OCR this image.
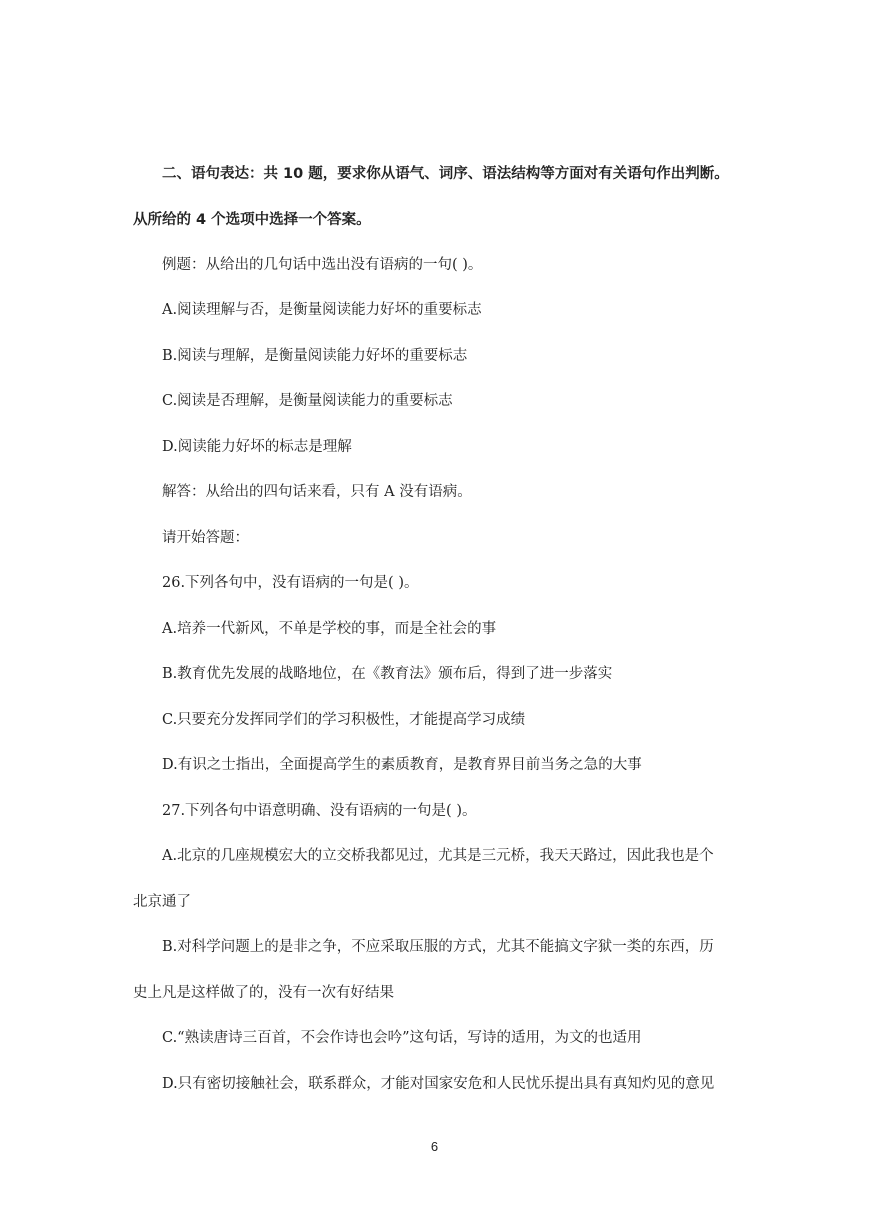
二、语句表达：共 10 题，要求你从语气、词序、语法结构等方面对有关语句作出判断。
从所给的 4 个选项中选择一个答案。
例题：从给出的几句话中选出没有语病的一句( )。
A.阅读理解与否，是衡量阅读能力好坏的重要标志
B.阅读与理解，是衡量阅读能力好坏的重要标志
C.阅读是否理解，是衡量阅读能力的重要标志
D.阅读能力好坏的标志是理解
解答：从给出的四句话来看，只有 A 没有语病。
请开始答题：
26.下列各句中，没有语病的一句是( )。
A.培养一代新风，不单是学校的事，而是全社会的事
B.教育优先发展的战略地位，在《教育法》颁布后，得到了进一步落实
C.只要充分发挥同学们的学习积极性，才能提高学习成绩
D.有识之士指出，全面提高学生的素质教育，是教育界目前当务之急的大事
27.下列各句中语意明确、没有语病的一句是( )。
A.北京的几座规模宏大的立交桥我都见过，尤其是三元桥，我天天路过，因此我也是个
北京通了
B.对科学问题上的是非之争，不应采取压服的方式，尤其不能搞文字狱一类的东西，历
史上凡是这样做了的，没有一次有好结果
C.“熟读唐诗三百首，不会作诗也会吟”这句话，写诗的适用，为文的也适用
D.只有密切接触社会，联系群众，才能对国家安危和人民忧乐提出具有真知灼见的意见
6
